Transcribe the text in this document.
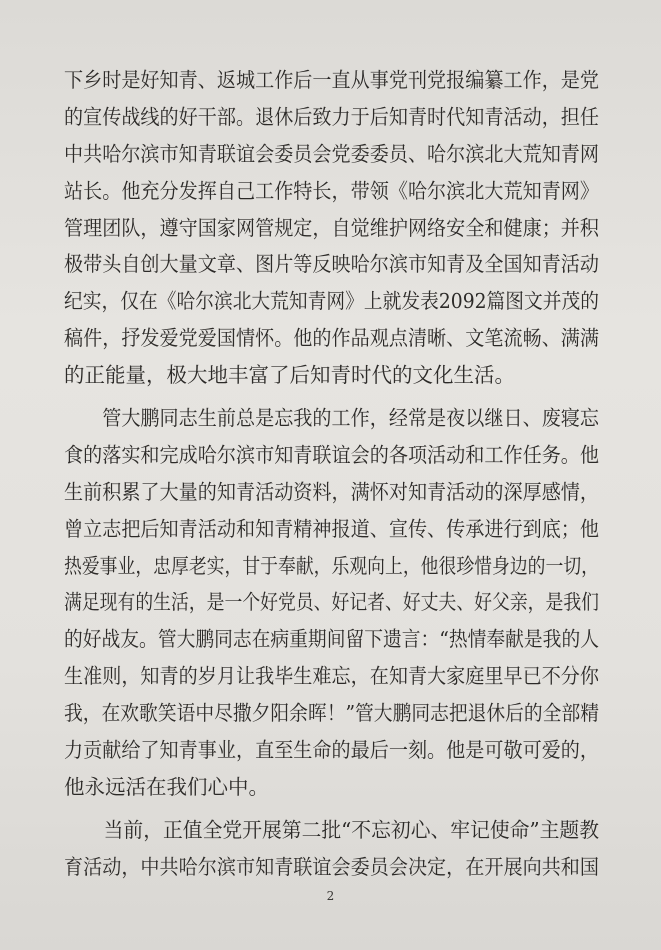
下乡时是好知青、返城工作后一直从事党刊党报编纂工作，是党
的宣传战线的好干部。退休后致力于后知青时代知青活动，担任
中共哈尔滨市知青联谊会委员会党委委员、哈尔滨北大荒知青网
站长。他充分发挥自己工作特长，带领《哈尔滨北大荒知青网》
管理团队，遵守国家网管规定，自觉维护网络安全和健康；并积
极带头自创大量文章、图片等反映哈尔滨市知青及全国知青活动
纪实，仅在《哈尔滨北大荒知青网》上就发表2092篇图文并茂的
稿件，抒发爱党爱国情怀。他的作品观点清晰、文笔流畅、满满
的正能量，极大地丰富了后知青时代的文化生活。
　　管大鹏同志生前总是忘我的工作，经常是夜以继日、废寝忘
食的落实和完成哈尔滨市知青联谊会的各项活动和工作任务。他
生前积累了大量的知青活动资料，满怀对知青活动的深厚感情，
曾立志把后知青活动和知青精神报道、宣传、传承进行到底；他
热爱事业，忠厚老实，甘于奉献，乐观向上，他很珍惜身边的一切，
满足现有的生活，是一个好党员、好记者、好丈夫、好父亲，是我们
的好战友。管大鹏同志在病重期间留下遗言：“热情奉献是我的人
生准则，知青的岁月让我毕生难忘，在知青大家庭里早已不分你
我，在欢歌笑语中尽撒夕阳余晖！”管大鹏同志把退休后的全部精
力贡献给了知青事业，直至生命的最后一刻。他是可敬可爱的，
他永远活在我们心中。
　　当前，正值全党开展第二批“不忘初心、牢记使命”主题教
育活动，中共哈尔滨市知青联谊会委员会决定，在开展向共和国
2
